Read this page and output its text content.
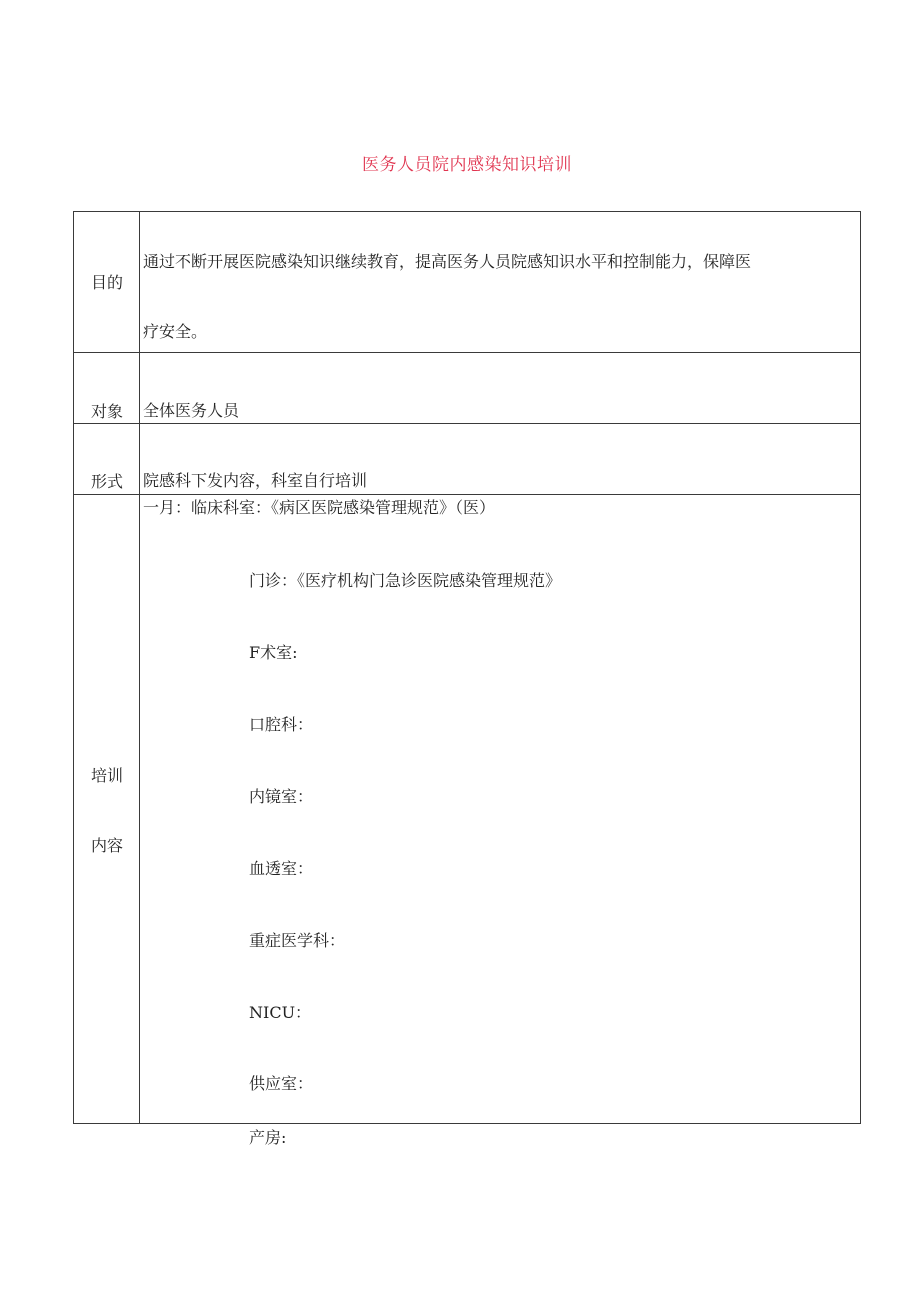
医务人员院内感染知识培训
目的
通过不断开展医院感染知识继续教育，提高医务人员院感知识水平和控制能力，保障医
疗安全。
对象 全体医务人员
形式 院感科下发内容，科室自行培训
培训
内容
一月：临床科室：《病区医院感染管理规范》（医）
门诊：《医疗机构门急诊医院感染管理规范》
F术室:
口腔科：
内镜室：
血透室：
重症医学科：
NICU：
供应室：
产房:
